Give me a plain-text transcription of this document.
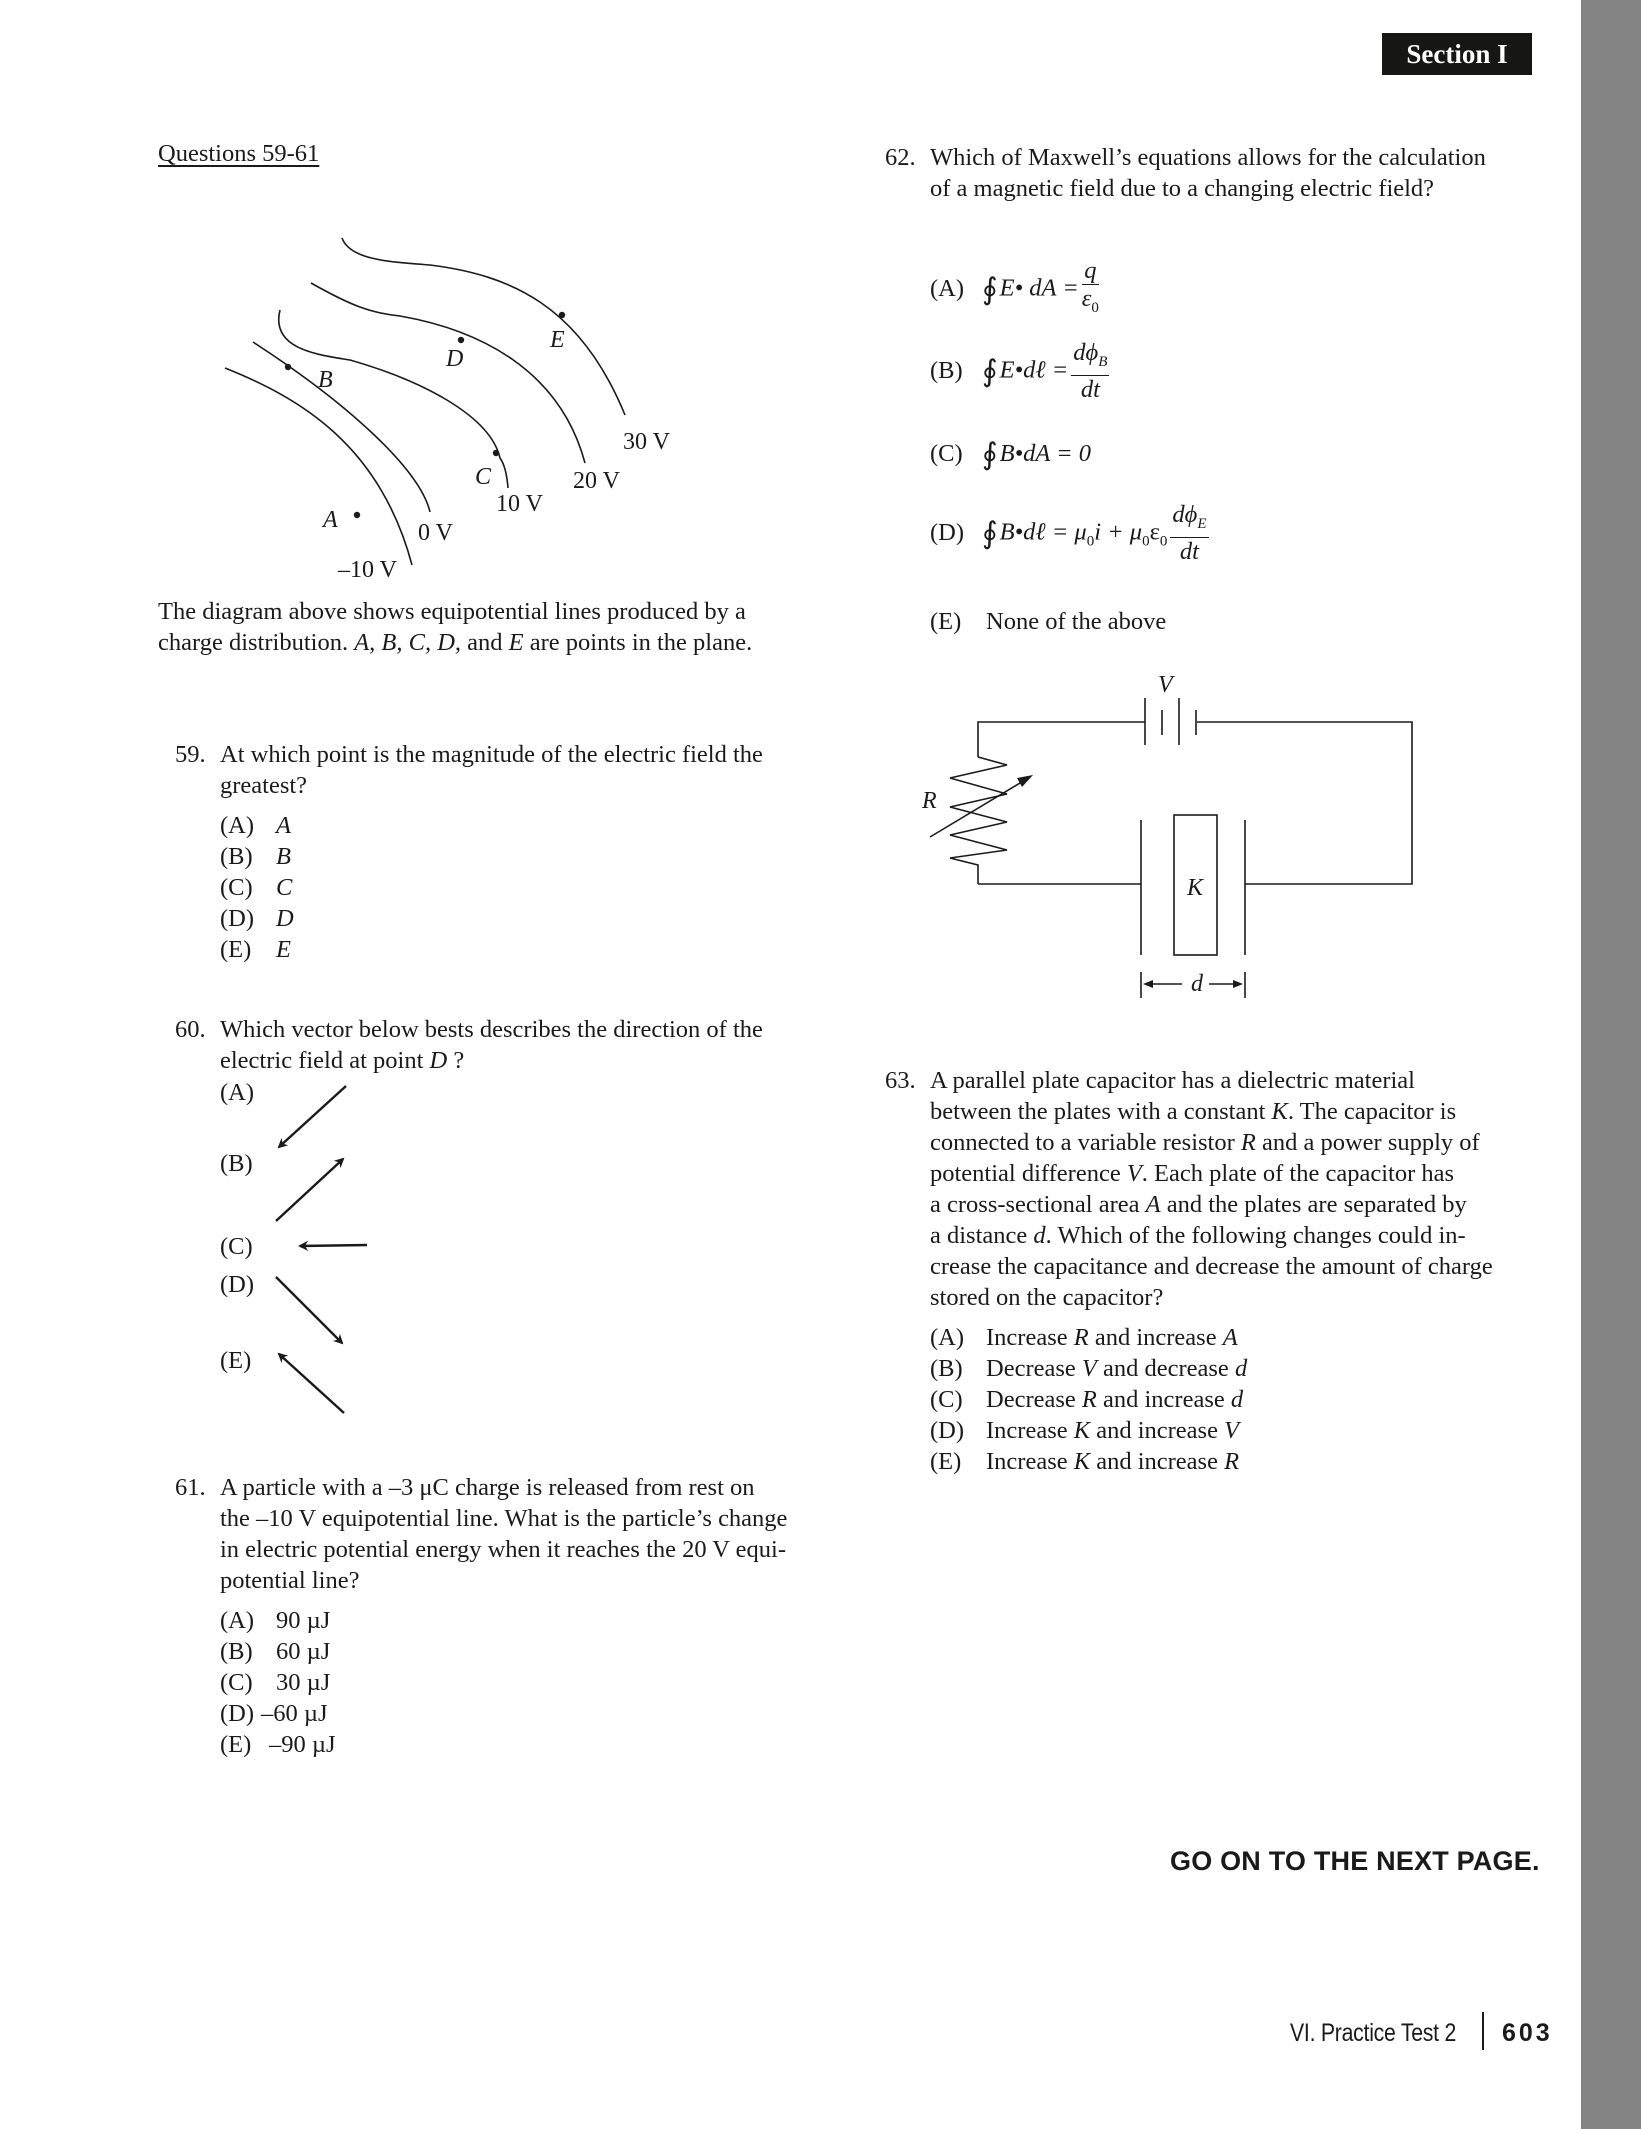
Section I
Questions 59-61
A
B
C
D
E
–10 V
0 V
10 V
20 V
30 V
The diagram above shows equipotential lines produced by a
charge distribution. A, B, C, D, and E are points in the plane.
59. At which point is the magnitude of the electric field the
greatest?
(A) A
(B) B
(C) C
(D) D
(E) E
60. Which vector below bests describes the direction of the
electric field at point D ?
(A)
(B)
(C)
(D)
(E)
61. A particle with a –3 μC charge is released from rest on
the –10 V equipotential line. What is the particle’s change
in electric potential energy when it reaches the 20 V equi-
potential line?
(A) 90 µJ
(B) 60 µJ
(C) 30 µJ
(D) –60 µJ
(E) –90 µJ
62. Which of Maxwell’s equations allows for the calculation
of a magnetic field due to a changing electric field?
(A) ∮E• dA = $\frac{q}{\varepsilon_0}$
(B) ∮E•dℓ = $\frac{d\phi_B}{dt}$
(C) ∮B•dA = 0
(D) ∮B•dℓ = $\mu_0i + \mu_0\varepsilon_0 \frac{d\phi_E}{dt}$
(E) None of the above
V
R
K
d
63. A parallel plate capacitor has a dielectric material
between the plates with a constant K. The capacitor is
connected to a variable resistor R and a power supply of
potential difference V. Each plate of the capacitor has
a cross-sectional area A and the plates are separated by
a distance d. Which of the following changes could in-
crease the capacitance and decrease the amount of charge
stored on the capacitor?
(A) Increase R and increase A
(B) Decrease V and decrease d
(C) Decrease R and increase d
(D) Increase K and increase V
(E) Increase K and increase R
GO ON TO THE NEXT PAGE.
VI. Practice Test 2	603
